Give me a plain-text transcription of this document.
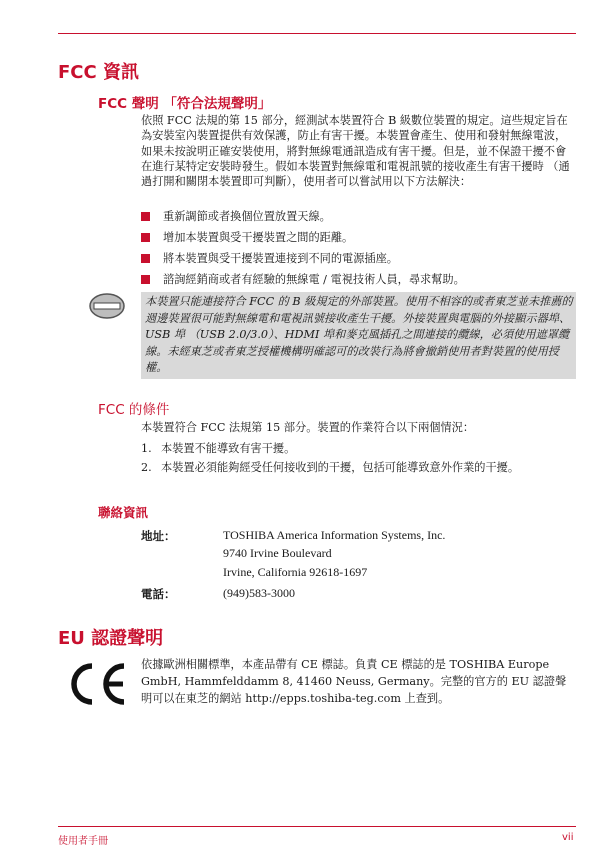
FCC 資訊
FCC 聲明 「符合法規聲明」

依照 FCC 法規的第 15 部分，經測試本裝置符合 B 級數位裝置的規定。這些規定旨在為安裝室內裝置提供有效保護，防止有害干擾。本裝置會產生、使用和發射無線電波，如果未按說明正確安裝使用，將對無線電通訊造成有害干擾。但是，並不保證干擾不會在進行某特定安裝時發生。假如本裝置對無線電和電視訊號的接收產生有害干擾時 （通過打開和關閉本裝置即可判斷），使用者可以嘗試用以下方法解決：

重新調節或者換個位置放置天線。
增加本裝置與受干擾裝置之間的距離。
將本裝置與受干擾裝置連接到不同的電源插座。
諮詢經銷商或者有經驗的無線電 / 電視技術人員，尋求幫助。

本裝置只能連接符合 FCC 的 B 級規定的外部裝置。使用不相容的或者東芝並未推薦的週邊裝置很可能對無線電和電視訊號接收產生干擾。外接裝置與電腦的外接顯示器埠、USB 埠 （USB 2.0/3.0）、HDMI 埠和麥克風插孔之間連接的纜線，必須使用遮罩纜線。未經東芝或者東芝授權機構明確認可的改裝行為將會撤銷使用者對裝置的使用授權。

FCC 的條件

本裝置符合 FCC 法規第 15 部分。裝置的作業符合以下兩個情況：

1. 本裝置不能導致有害干擾。
2. 本裝置必須能夠經受任何接收到的干擾，包括可能導致意外作業的干擾。
聯絡資訊
地址：	TOSHIBA America Information Systems, Inc.
9740 Irvine Boulevard
Irvine, California 92618-1697
電話：	(949)583-3000
EU 認證聲明

依據歐洲相關標準，本產品帶有 CE 標誌。負責 CE 標誌的是 TOSHIBA Europe GmbH, Hammfelddamm 8, 41460 Neuss, Germany。完整的官方的 EU 認證聲明可以在東芝的網站 http://epps.toshiba-teg.com 上查到。

使用者手冊	vii
